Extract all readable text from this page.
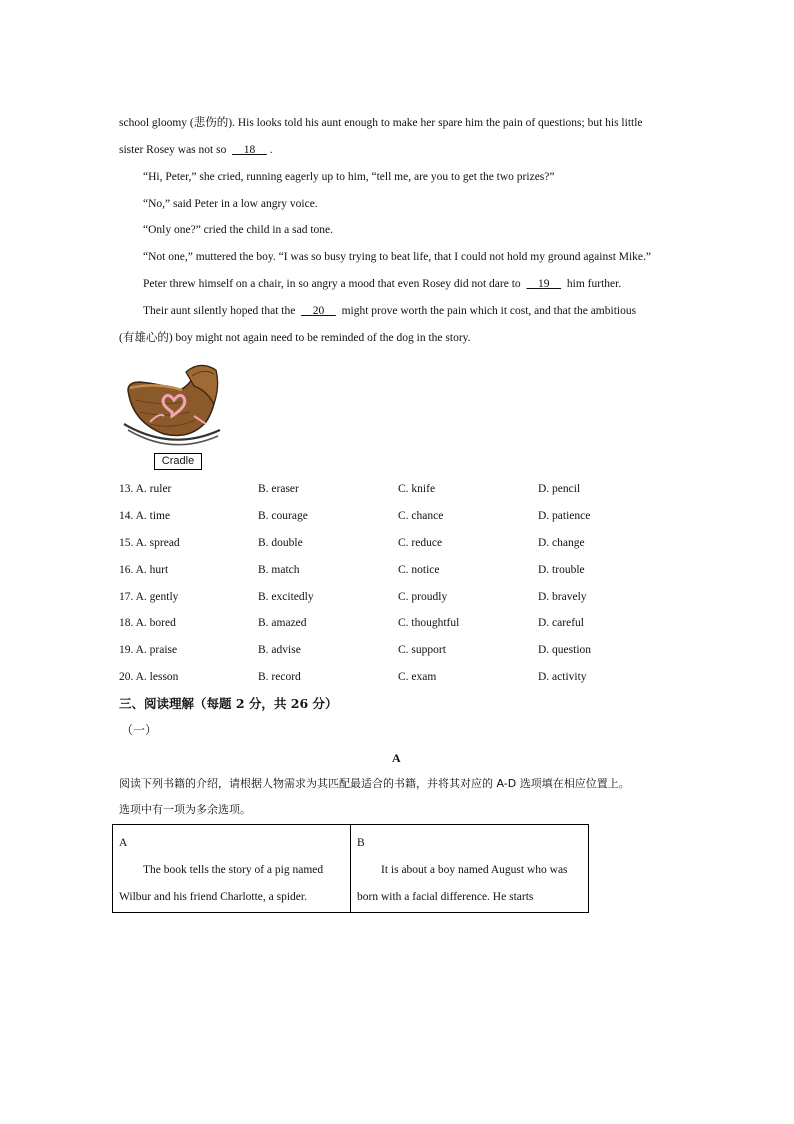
school gloomy (悲伤的). His looks told his aunt enough to make her spare him the pain of questions; but his little
sister Rosey was not so 18 .
“Hi, Peter,” she cried, running eagerly up to him, “tell me, are you to get the two prizes?”
“No,” said Peter in a low angry voice.
“Only one?” cried the child in a sad tone.
“Not one,” muttered the boy. “I was so busy trying to beat life, that I could not hold my ground against Mike.”
Peter threw himself on a chair, in so angry a mood that even Rosey did not dare to 19 him further.
Their aunt silently hoped that the 20 might prove worth the pain which it cost, and that the ambitious
(有雄心的) boy might not again need to be reminded of the dog in the story.
Cradle
13. A. ruler	B. eraser	C. knife	D. pencil
14. A. time	B. courage	C. chance	D. patience
15. A. spread	B. double	C. reduce	D. change
16. A. hurt	B. match	C. notice	D. trouble
17. A. gently	B. excitedly	C. proudly	D. bravely
18. A. bored	B. amazed	C. thoughtful	D. careful
19. A. praise	B. advise	C. support	D. question
20. A. lesson	B. record	C. exam	D. activity
三、阅读理解（每题 2 分，共 26 分）
（一）
A
阅读下列书籍的介绍，请根据人物需求为其匹配最适合的书籍，并将其对应的 A-D 选项填在相应位置上。
选项中有一项为多余选项。
A
The book tells the story of a pig named
Wilbur and his friend Charlotte, a spider.
B
It is about a boy named August who was
born with a facial difference. He starts
